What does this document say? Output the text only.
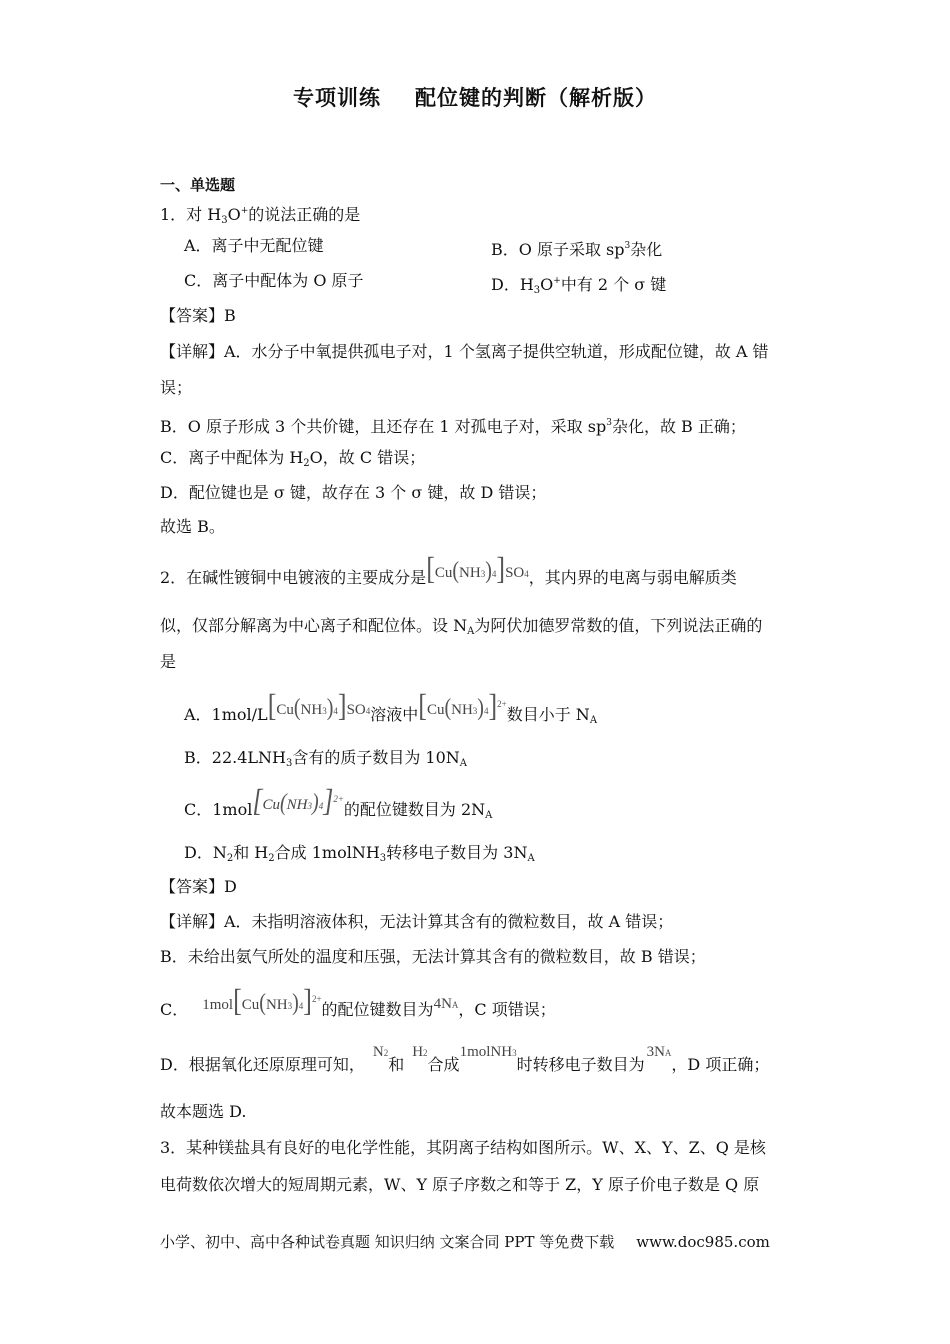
专项训练 配位键的判断（解析版）
一、单选题
1．对 $H_3O^+$的说法正确的是
A．离子中无配位键	B．O 原子采取 $sp^3$杂化
C．离子中配体为 O 原子	D．$H_3O^+$中有 2 个 σ 键
【答案】B
【详解】A．水分子中氧提供孤电子对，1 个氢离子提供空轨道，形成配位键，故 A 错
误；
B．O 原子形成 3 个共价键，且还存在 1 对孤电子对，采取 $sp^3$杂化，故 B 正确；
C．离子中配体为 $H_2O$，故 C 错误；
D．配位键也是 σ 键，故存在 3 个 σ 键，故 D 错误；
故选 B。
2．在碱性镀铜中电镀液的主要成分是[Cu(NH3)4]SO4，其内界的电离与弱电解质类
似，仅部分解离为中心离子和配位体。设 $N_A$为阿伏加德罗常数的值，下列说法正确的
是
A．1mol/L[Cu(NH3)4]SO4溶液中$[Cu(NH3)4]^{2+}$数目小于 $N_A$
B．$22.4LNH_3$含有的质子数目为 $10N_A$
C．$1mol[Cu(NH3)4]^{2+}$的配位键数目为 $2N_A$
D．$N_2$和 $H_2$合成 1molNH$_3$转移电子数目为 $3N_A$
【答案】D
【详解】A．未指明溶液体积，无法计算其含有的微粒数目，故 A 错误；
B．未给出氨气所处的温度和压强，无法计算其含有的微粒数目，故 B 错误；
C． $1mol[Cu(NH3)4]^{2+}$的配位键数目为4NA，C 项错误；
D．根据氧化还原原理可知，N2和H2合成1molNH3时转移电子数目为3NA，D 项正确；
故本题选 D.
3．某种镁盐具有良好的电化学性能，其阴离子结构如图所示。W、X、Y、Z、Q 是核
电荷数依次增大的短周期元素，W、Y 原子序数之和等于 Z，Y 原子价电子数是 Q 原
小学、初中、高中各种试卷真题 知识归纳 文案合同 PPT 等免费下载 www.doc985.com
